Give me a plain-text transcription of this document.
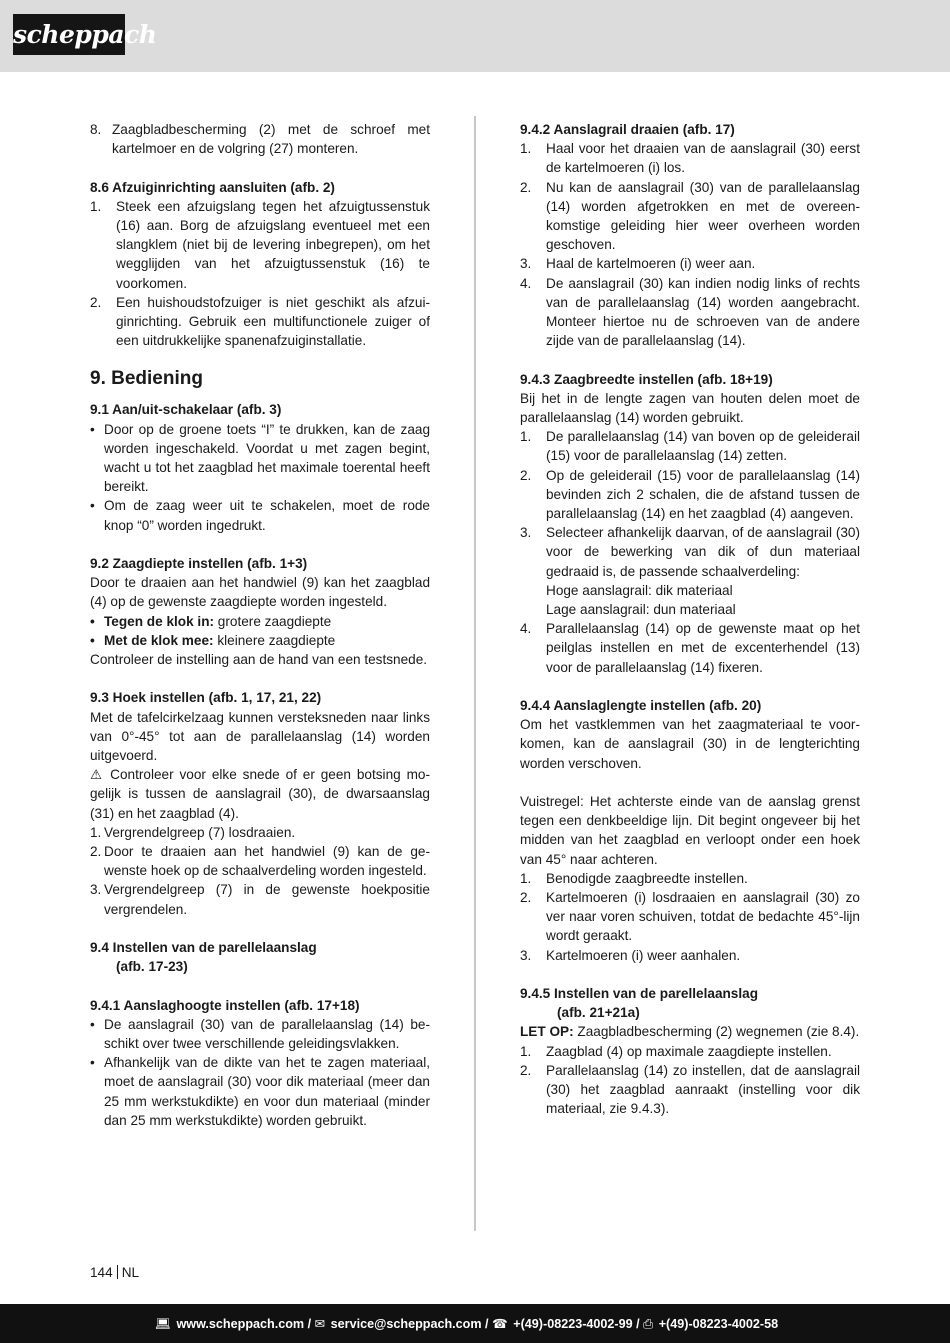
scheppach
8. Zaagbladbescherming (2) met de schroef met kartelmoer en de volgring (27) monteren.

8.6 Afzuiginrichting aansluiten (afb. 2)

1.	Steek een afzuigslang tegen het afzuigtussenstuk (16) aan. Borg de afzuigslang eventueel met een slangklem (niet bij de levering inbegrepen), om het wegglijden van het afzuigtussenstuk (16) te voorkomen.
2.	Een huishoudstofzuiger is niet geschikt als afzuiginrichting. Gebruik een multifunctionele zuiger of een uitdrukkelijke spanenafzuiginstallatie.

9. Bediening

9.1 Aan/uit-schakelaar (afb. 3)

• Door op de groene toets “I” te drukken, kan de zaag worden ingeschakeld. Voordat u met zagen begint, wacht u tot het zaagblad het maximale toerental heeft bereikt.
• Om de zaag weer uit te schakelen, moet de rode knop “0” worden ingedrukt.

9.2 Zaagdiepte instellen (afb. 1+3)

Door te draaien aan het handwiel (9) kan het zaagblad (4) op de gewenste zaagdiepte worden ingesteld.

• Tegen de klok in: grotere zaagdiepte
• Met de klok mee: kleinere zaagdiepte

Controleer de instelling aan de hand van een testsnede.

9.3 Hoek instellen (afb. 1, 17, 21, 22)

Met de tafelcirkelzaag kunnen versteksneden naar links van 0°-45° tot aan de parallelaanslag (14) worden uitgevoerd.

⚠ Controleer voor elke snede of er geen botsing mogelijk is tussen de aanslagrail (30), de dwarsaanslag (31) en het zaagblad (4).

1. Vergrendelgreep (7) losdraaien.
2. Door te draaien aan het handwiel (9) kan de gewenste hoek op de schaalverdeling worden ingesteld.
3. Vergrendelgreep (7) in de gewenste hoekpositie vergrendelen.

9.4 Instellen van de parellelaanslag

(afb. 17-23)

9.4.1 Aanslaghoogte instellen (afb. 17+18)

• De aanslagrail (30) van de parallelaanslag (14) beschikt over twee verschillende geleidingsvlakken.
• Afhankelijk van de dikte van het te zagen materiaal, moet de aanslagrail (30) voor dik materiaal (meer dan 25 mm werkstukdikte) en voor dun materiaal (minder dan 25 mm werkstukdikte) worden gebruikt.

9.4.2 Aanslagrail draaien (afb. 17)

1.	Haal voor het draaien van de aanslagrail (30) eerst de kartelmoeren (i) los.
2.	Nu kan de aanslagrail (30) van de parallelaanslag (14) worden afgetrokken en met de overeenkomstige geleiding hier weer overheen worden geschoven.
3.	Haal de kartelmoeren (i) weer aan.
4.	De aanslagrail (30) kan indien nodig links of rechts van de parallelaanslag (14) worden aangebracht. Monteer hiertoe nu de schroeven van de andere zijde van de parallelaanslag (14).

9.4.3 Zaagbreedte instellen (afb. 18+19)

Bij het in de lengte zagen van houten delen moet de parallelaanslag (14) worden gebruikt.

1.	De parallelaanslag (14) van boven op de geleiderail (15) voor de parallelaanslag (14) zetten.
2.	Op de geleiderail (15) voor de parallelaanslag (14) bevinden zich 2 schalen, die de afstand tussen de parallelaanslag (14) en het zaagblad (4) aangeven.
3.	Selecteer afhankelijk daarvan, of de aanslagrail (30) voor de bewerking van dik of dun materiaal gedraaid is, de passende schaalverdeling:
Hoge aanslagrail: dik materiaal
Lage aanslagrail: dun materiaal
4.	Parallelaanslag (14) op de gewenste maat op het peilglas instellen en met de excenterhendel (13) voor de parallelaanslag (14) fixeren.

9.4.4 Aanslaglengte instellen (afb. 20)

Om het vastklemmen van het zaagmateriaal te voorkomen, kan de aanslagrail (30) in de lengterichting worden verschoven.

Vuistregel: Het achterste einde van de aanslag grenst tegen een denkbeeldige lijn. Dit begint ongeveer bij het midden van het zaagblad en verloopt onder een hoek van 45° naar achteren.

1.	Benodigde zaagbreedte instellen.
2.	Kartelmoeren (i) losdraaien en aanslagrail (30) zo ver naar voren schuiven, totdat de bedachte 45°-lijn wordt geraakt.
3.	Kartelmoeren (i) weer aanhalen.

9.4.5 Instellen van de parellelaanslag

(afb. 21+21a)

LET OP: Zaagbladbescherming (2) wegnemen (zie 8.4).

1.	Zaagblad (4) op maximale zaagdiepte instellen.
2.	Parallelaanslag (14) zo instellen, dat de aanslagrail (30) het zaagblad aanraakt (instelling voor dik materiaal, zie 9.4.3).
144 NL
💻︎ www.scheppach.com / ✉ service@scheppach.com / ☎ +(49)-08223-4002-99 / ⎙ +(49)-08223-4002-58
